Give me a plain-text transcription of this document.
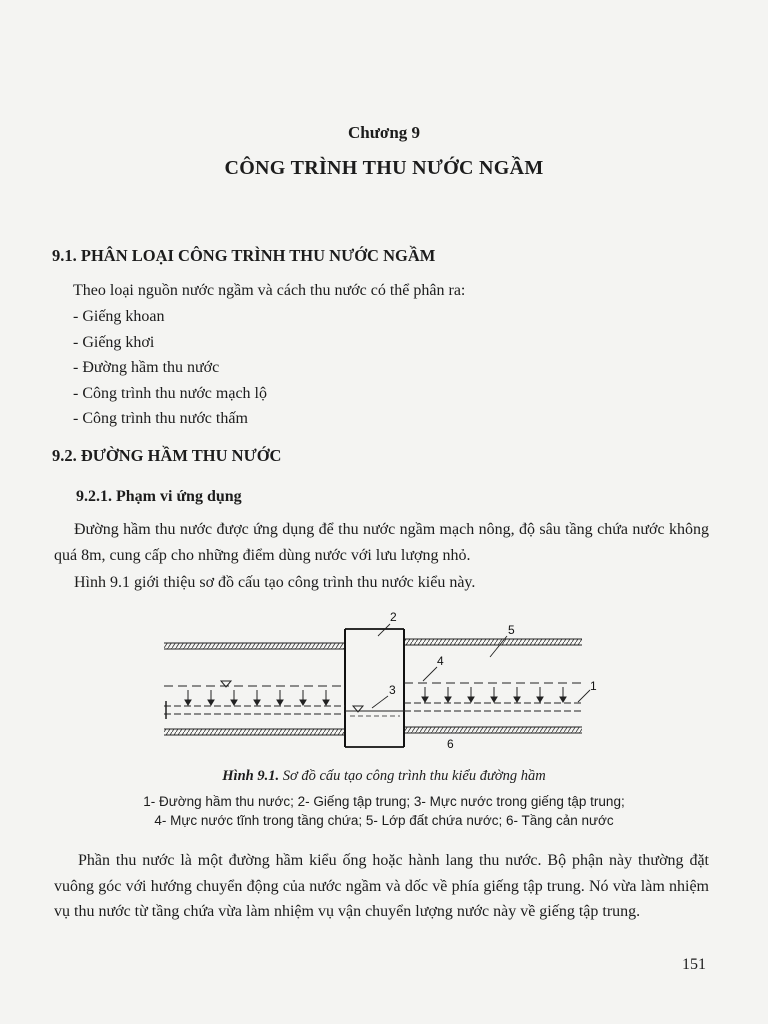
Chương 9
CÔNG TRÌNH THU NƯỚC NGẦM
9.1. PHÂN LOẠI CÔNG TRÌNH THU NƯỚC NGẦM
Theo loại nguồn nước ngầm và cách thu nước có thể phân ra:
- Giếng khoan
- Giếng khơi
- Đường hầm thu nước
- Công trình thu nước mạch lộ
- Công trình thu nước thấm
9.2. ĐƯỜNG HẦM THU NƯỚC
9.2.1. Phạm vi ứng dụng
Đường hầm thu nước được ứng dụng để thu nước ngầm mạch nông, độ sâu tầng chứa nước không quá 8m, cung cấp cho những điểm dùng nước với lưu lượng nhỏ.
Hình 9.1 giới thiệu sơ đồ cấu tạo công trình thu nước kiểu này.
1
2
3
4
5
6
Hình 9.1. Sơ đồ cấu tạo công trình thu kiểu đường hầm
1- Đường hầm thu nước; 2- Giếng tập trung; 3- Mực nước trong giếng tập trung;
4- Mực nước tĩnh trong tầng chứa; 5- Lớp đất chứa nước; 6- Tầng cản nước
Phần thu nước là một đường hầm kiểu ống hoặc hành lang thu nước. Bộ phận này thường đặt vuông góc với hướng chuyển động của nước ngầm và dốc về phía giếng tập trung. Nó vừa làm nhiệm vụ thu nước từ tầng chứa vừa làm nhiệm vụ vận chuyển lượng nước này về giếng tập trung.
151
